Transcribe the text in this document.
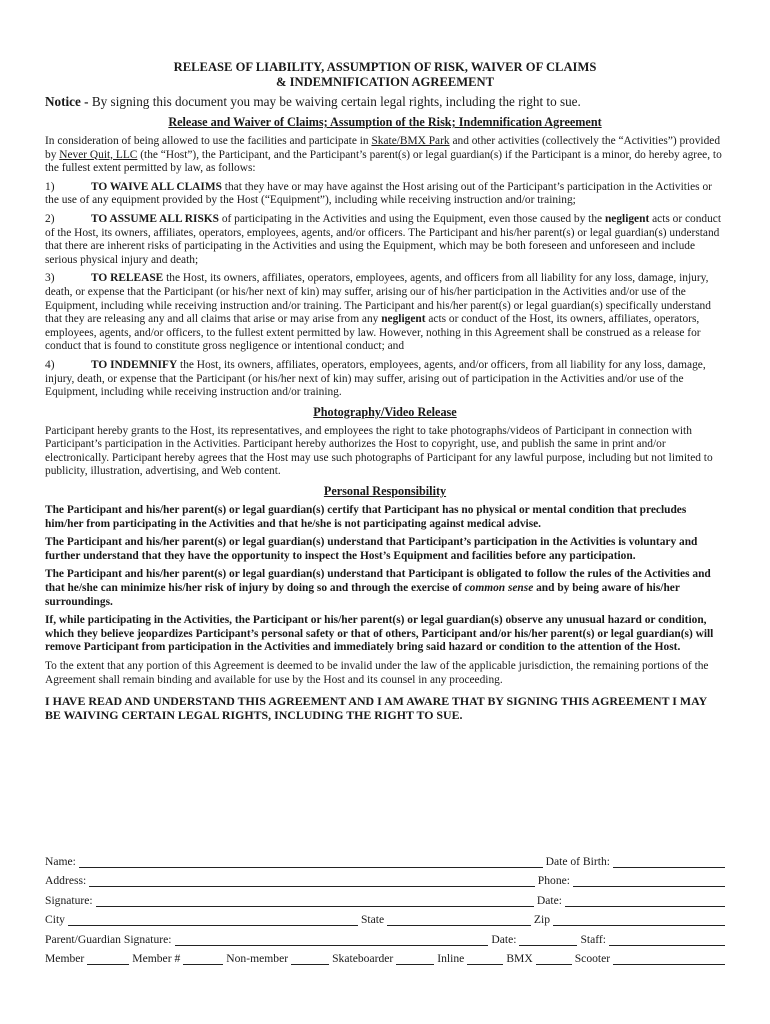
RELEASE OF LIABILITY, ASSUMPTION OF RISK, WAIVER OF CLAIMS

& INDEMNIFICATION AGREEMENT

Notice - By signing this document you may be waiving certain legal rights, including the right to sue.

Release and Waiver of Claims; Assumption of the Risk; Indemnification Agreement

In consideration of being allowed to use the facilities and participate in Skate/BMX Park and other activities (collectively the “Activities”) provided by Never Quit, LLC (the “Host”), the Participant, and the Participant’s parent(s) or legal guardian(s) if the Participant is a minor, do hereby agree, to the fullest extent permitted by law, as follows:

1)	TO WAIVE ALL CLAIMS that they have or may have against the Host arising out of the Participant’s participation in the Activities or the use of any equipment provided by the Host (“Equipment”), including while receiving instruction and/or training;

2)	TO ASSUME ALL RISKS of participating in the Activities and using the Equipment, even those caused by the negligent acts or conduct of the Host, its owners, affiliates, operators, employees, agents, and/or officers. The Participant and his/her parent(s) or legal guardian(s) understand that there are inherent risks of participating in the Activities and using the Equipment, which may be both foreseen and unforeseen and include serious physical injury and death;

3)	TO RELEASE the Host, its owners, affiliates, operators, employees, agents, and officers from all liability for any loss, damage, injury, death, or expense that the Participant (or his/her next of kin) may suffer, arising our of his/her participation in the Activities and/or use of the Equipment, including while receiving instruction and/or training. The Participant and his/her parent(s) or legal guardian(s) specifically understand that they are releasing any and all claims that arise or may arise from any negligent acts or conduct of the Host, its owners, affiliates, operators, employees, agents, and/or officers, to the fullest extent permitted by law. However, nothing in this Agreement shall be construed as a release for conduct that is found to constitute gross negligence or intentional conduct; and

4)	TO INDEMNIFY the Host, its owners, affiliates, operators, employees, agents, and/or officers, from all liability for any loss, damage, injury, death, or expense that the Participant (or his/her next of kin) may suffer, arising out of participation in the Activities and/or use of the Equipment, including while receiving instruction and/or training.

Photography/Video Release

Participant hereby grants to the Host, its representatives, and employees the right to take photographs/videos of Participant in connection with Participant’s participation in the Activities. Participant hereby authorizes the Host to copyright, use, and publish the same in print and/or electronically. Participant hereby agrees that the Host may use such photographs of Participant for any lawful purpose, including but not limited to publicity, illustration, advertising, and Web content.

Personal Responsibility

The Participant and his/her parent(s) or legal guardian(s) certify that Participant has no physical or mental condition that precludes him/her from participating in the Activities and that he/she is not participating against medical advise.

The Participant and his/her parent(s) or legal guardian(s) understand that Participant’s participation in the Activities is voluntary and further understand that they have the opportunity to inspect the Host’s Equipment and facilities before any participation.

The Participant and his/her parent(s) or legal guardian(s) understand that Participant is obligated to follow the rules of the Activities and that he/she can minimize his/her risk of injury by doing so and through the exercise of common sense and by being aware of his/her surroundings.

If, while participating in the Activities, the Participant or his/her parent(s) or legal guardian(s) observe any unusual hazard or condition, which they believe jeopardizes Participant’s personal safety or that of others, Participant and/or his/her parent(s) or legal guardian(s) will remove Participant from participation in the Activities and immediately bring said hazard or condition to the attention of the Host.

To the extent that any portion of this Agreement is deemed to be invalid under the law of the applicable jurisdiction, the remaining portions of the Agreement shall remain binding and available for use by the Host and its counsel in any proceeding.

I HAVE READ AND UNDERSTAND THIS AGREEMENT AND I AM AWARE THAT BY SIGNING THIS AGREEMENT I MAY BE WAIVING CERTAIN LEGAL RIGHTS, INCLUDING THE RIGHT TO SUE.

Name:	Date of Birth:
Address:	Phone:
Signature:	Date:
City	State	Zip
Parent/Guardian Signature:	Date:	Staff:
Member	Member #	Non-member	Skateboarder	Inline	BMX	Scooter
